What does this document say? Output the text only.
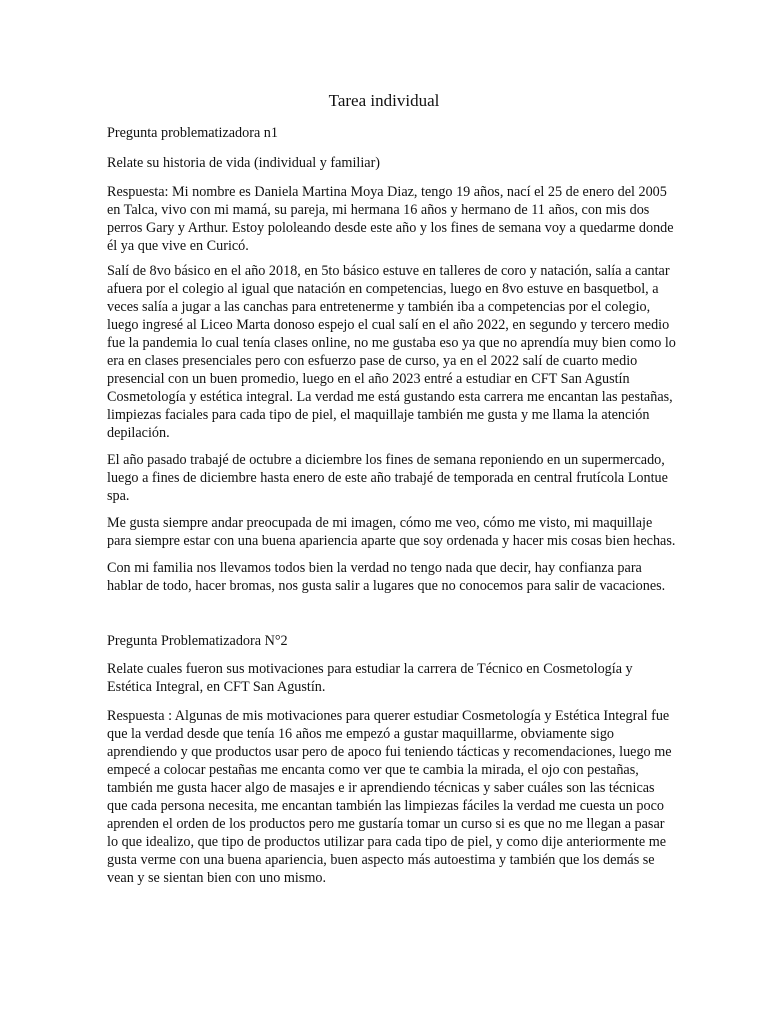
Tarea individual

Pregunta problematizadora n1

Relate su historia de vida (individual y familiar)

Respuesta: Mi nombre es Daniela Martina Moya Diaz, tengo 19 años, nací el 25 de enero del 2005
en Talca, vivo con mi mamá, su pareja, mi hermana 16 años y hermano de 11 años, con mis dos
perros Gary y Arthur. Estoy pololeando desde este año y los fines de semana voy a quedarme donde
él ya que vive en Curicó.

Salí de 8vo básico en el año 2018, en 5to básico estuve en talleres de coro y natación, salía a cantar
afuera por el colegio al igual que natación en competencias, luego en 8vo estuve en basquetbol, a
veces salía a jugar a las canchas para entretenerme y también iba a competencias por el colegio,
luego ingresé al Liceo Marta donoso espejo el cual salí en el año 2022, en segundo y tercero medio
fue la pandemia lo cual tenía clases online, no me gustaba eso ya que no aprendía muy bien como lo
era en clases presenciales pero con esfuerzo pase de curso, ya en el 2022 salí de cuarto medio
presencial con un buen promedio, luego en el año 2023 entré a estudiar en CFT San Agustín
Cosmetología y estética integral. La verdad me está gustando esta carrera me encantan las pestañas,
limpiezas faciales para cada tipo de piel, el maquillaje también me gusta y me llama la atención
depilación.

El año pasado trabajé de octubre a diciembre los fines de semana reponiendo en un supermercado,
luego a fines de diciembre hasta enero de este año trabajé de temporada en central frutícola Lontue
spa.

Me gusta siempre andar preocupada de mi imagen, cómo me veo, cómo me visto, mi maquillaje
para siempre estar con una buena apariencia aparte que soy ordenada y hacer mis cosas bien hechas.

Con mi familia nos llevamos todos bien la verdad no tengo nada que decir, hay confianza para
hablar de todo, hacer bromas, nos gusta salir a lugares que no conocemos para salir de vacaciones.

Pregunta Problematizadora N°2

Relate cuales fueron sus motivaciones para estudiar la carrera de Técnico en Cosmetología y
Estética Integral, en CFT San Agustín.

Respuesta : Algunas de mis motivaciones para querer estudiar Cosmetología y Estética Integral fue
que la verdad desde que tenía 16 años me empezó a gustar maquillarme, obviamente sigo
aprendiendo y que productos usar pero de apoco fui teniendo tácticas y recomendaciones, luego me
empecé a colocar pestañas me encanta como ver que te cambia la mirada, el ojo con pestañas,
también me gusta hacer algo de masajes e ir aprendiendo técnicas y saber cuáles son las técnicas
que cada persona necesita, me encantan también las limpiezas fáciles la verdad me cuesta un poco
aprenden el orden de los productos pero me gustaría tomar un curso si es que no me llegan a pasar
lo que idealizo, que tipo de productos utilizar para cada tipo de piel, y como dije anteriormente me
gusta verme con una buena apariencia, buen aspecto más autoestima y también que los demás se
vean y se sientan bien con uno mismo.
